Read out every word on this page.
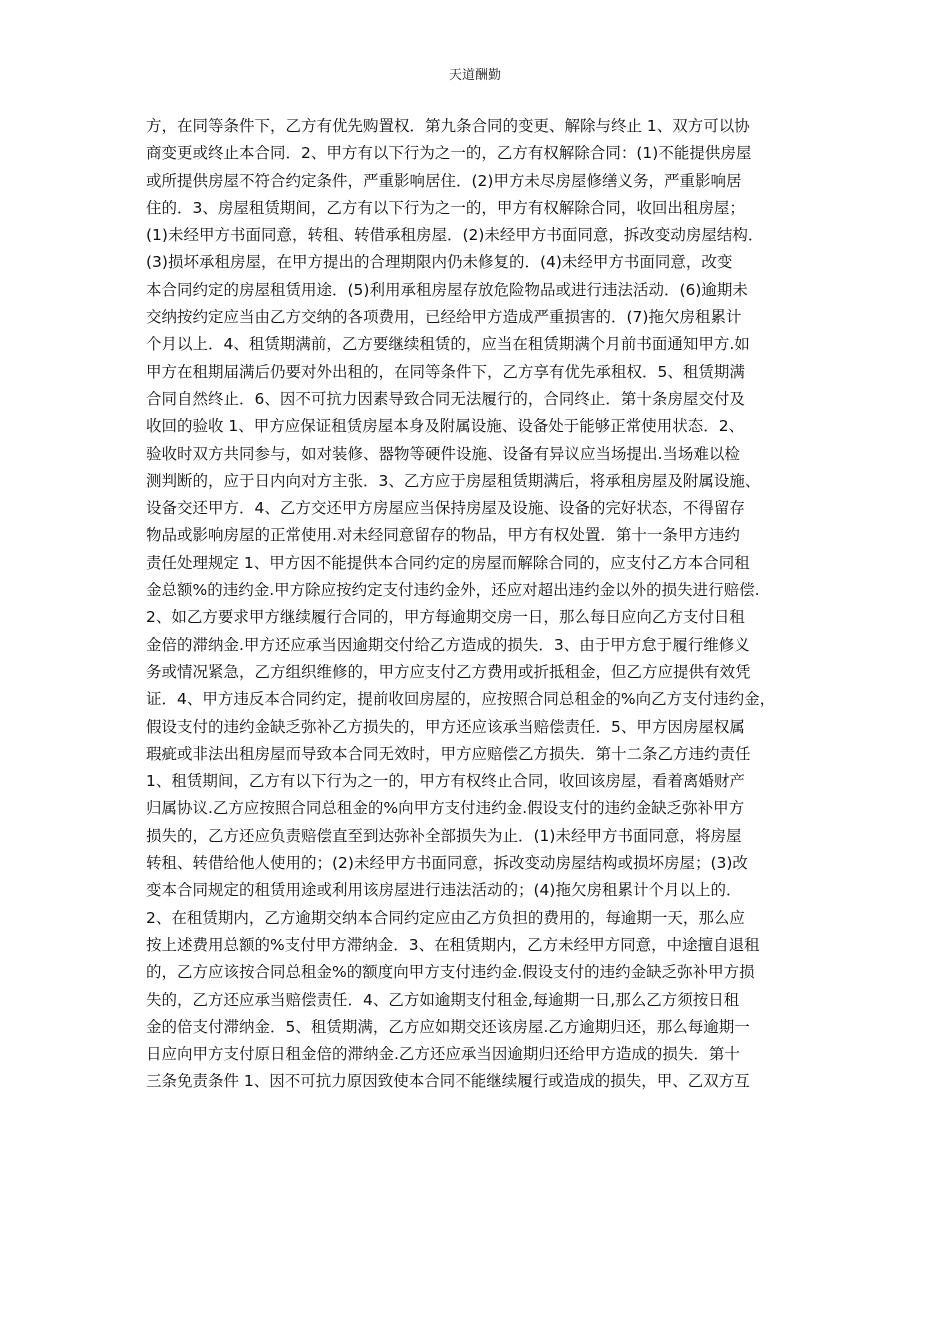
天道酬勤
方，在同等条件下，乙方有优先购置权．第九条合同的变更、解除与终止 1、双方可以协
商变更或终止本合同．2、甲方有以下行为之一的，乙方有权解除合同：(1)不能提供房屋
或所提供房屋不符合约定条件，严重影响居住．(2)甲方未尽房屋修缮义务，严重影响居
住的．3、房屋租赁期间，乙方有以下行为之一的，甲方有权解除合同，收回出租房屋；
(1)未经甲方书面同意，转租、转借承租房屋．(2)未经甲方书面同意，拆改变动房屋结构．
(3)损坏承租房屋，在甲方提出的合理期限内仍未修复的．(4)未经甲方书面同意，改变
本合同约定的房屋租赁用途．(5)利用承租房屋存放危险物品或进行违法活动．(6)逾期未
交纳按约定应当由乙方交纳的各项费用，已经给甲方造成严重损害的．(7)拖欠房租累计
个月以上．4、租赁期满前，乙方要继续租赁的，应当在租赁期满个月前书面通知甲方.如
甲方在租期届满后仍要对外出租的，在同等条件下，乙方享有优先承租权．5、租赁期满
合同自然终止．6、因不可抗力因素导致合同无法履行的，合同终止．第十条房屋交付及
收回的验收 1、甲方应保证租赁房屋本身及附属设施、设备处于能够正常使用状态．2、
验收时双方共同参与，如对装修、器物等硬件设施、设备有异议应当场提出.当场难以检
测判断的，应于日内向对方主张．3、乙方应于房屋租赁期满后，将承租房屋及附属设施、
设备交还甲方．4、乙方交还甲方房屋应当保持房屋及设施、设备的完好状态，不得留存
物品或影响房屋的正常使用.对未经同意留存的物品，甲方有权处置．第十一条甲方违约
责任处理规定 1、甲方因不能提供本合同约定的房屋而解除合同的，应支付乙方本合同租
金总额%的违约金.甲方除应按约定支付违约金外，还应对超出违约金以外的损失进行赔偿.
2、如乙方要求甲方继续履行合同的，甲方每逾期交房一日，那么每日应向乙方支付日租
金倍的滞纳金.甲方还应承当因逾期交付给乙方造成的损失．3、由于甲方怠于履行维修义
务或情况紧急，乙方组织维修的，甲方应支付乙方费用或折抵租金，但乙方应提供有效凭
证．4、甲方违反本合同约定，提前收回房屋的，应按照合同总租金的%向乙方支付违约金，
假设支付的违约金缺乏弥补乙方损失的，甲方还应该承当赔偿责任．5、甲方因房屋权属
瑕疵或非法出租房屋而导致本合同无效时，甲方应赔偿乙方损失．第十二条乙方违约责任
1、租赁期间，乙方有以下行为之一的，甲方有权终止合同，收回该房屋，看着离婚财产
归属协议.乙方应按照合同总租金的%向甲方支付违约金.假设支付的违约金缺乏弥补甲方
损失的，乙方还应负责赔偿直至到达弥补全部损失为止．(1)未经甲方书面同意，将房屋
转租、转借给他人使用的；(2)未经甲方书面同意，拆改变动房屋结构或损坏房屋；(3)改
变本合同规定的租赁用途或利用该房屋进行违法活动的；(4)拖欠房租累计个月以上的．
2、在租赁期内，乙方逾期交纳本合同约定应由乙方负担的费用的，每逾期一天，那么应
按上述费用总额的%支付甲方滞纳金．3、在租赁期内，乙方未经甲方同意，中途擅自退租
的，乙方应该按合同总租金%的额度向甲方支付违约金.假设支付的违约金缺乏弥补甲方损
失的，乙方还应承当赔偿责任．4、乙方如逾期支付租金,每逾期一日,那么乙方须按日租
金的倍支付滞纳金．5、租赁期满，乙方应如期交还该房屋.乙方逾期归还，那么每逾期一
日应向甲方支付原日租金倍的滞纳金.乙方还应承当因逾期归还给甲方造成的损失．第十
三条免责条件 1、因不可抗力原因致使本合同不能继续履行或造成的损失，甲、乙双方互
